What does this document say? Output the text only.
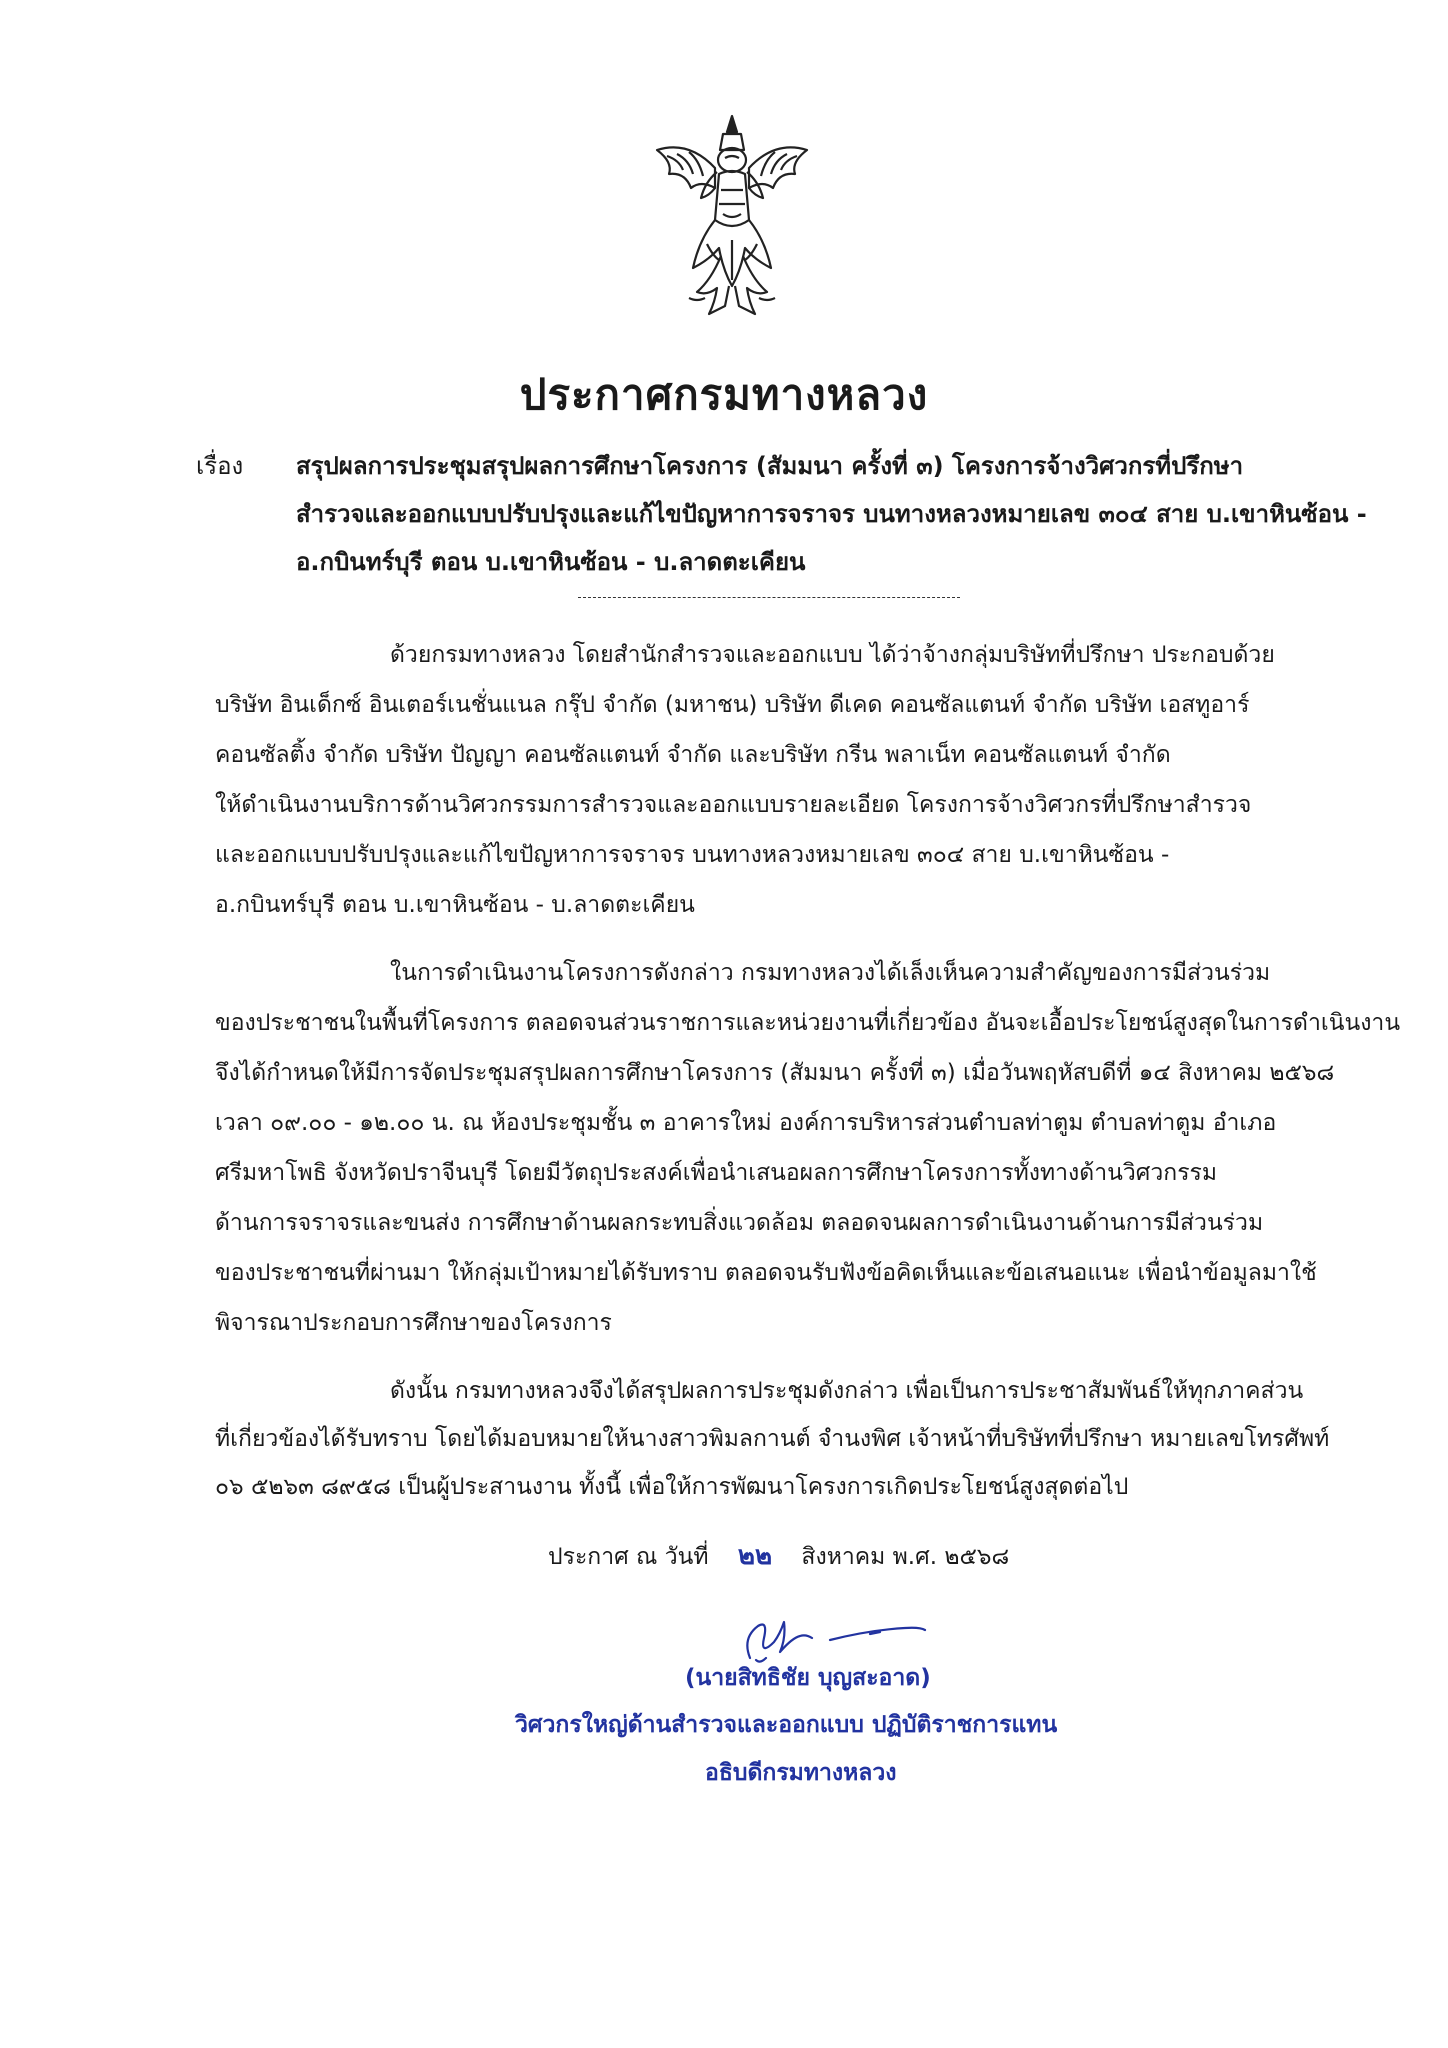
ประกาศกรมทางหลวง
เรื่อง สรุปผลการประชุมสรุปผลการศึกษาโครงการ (สัมมนา ครั้งที่ ๓) โครงการจ้างวิศวกรที่ปรึกษา
สำรวจและออกแบบปรับปรุงและแก้ไขปัญหาการจราจร บนทางหลวงหมายเลข ๓๐๔ สาย บ.เขาหินซ้อน -
อ.กบินทร์บุรี ตอน บ.เขาหินซ้อน - บ.ลาดตะเคียน
ด้วยกรมทางหลวง โดยสำนักสำรวจและออกแบบ ได้ว่าจ้างกลุ่มบริษัทที่ปรึกษา ประกอบด้วย
บริษัท อินเด็กซ์ อินเตอร์เนชั่นแนล กรุ๊ป จำกัด (มหาชน) บริษัท ดีเคด คอนซัลแตนท์ จำกัด บริษัท เอสทูอาร์
คอนซัลติ้ง จำกัด บริษัท ปัญญา คอนซัลแตนท์ จำกัด และบริษัท กรีน พลาเน็ท คอนซัลแตนท์ จำกัด
ให้ดำเนินงานบริการด้านวิศวกรรมการสำรวจและออกแบบรายละเอียด โครงการจ้างวิศวกรที่ปรึกษาสำรวจ
และออกแบบปรับปรุงและแก้ไขปัญหาการจราจร บนทางหลวงหมายเลข ๓๐๔ สาย บ.เขาหินซ้อน -
อ.กบินทร์บุรี ตอน บ.เขาหินซ้อน - บ.ลาดตะเคียน
ในการดำเนินงานโครงการดังกล่าว กรมทางหลวงได้เล็งเห็นความสำคัญของการมีส่วนร่วม
ของประชาชนในพื้นที่โครงการ ตลอดจนส่วนราชการและหน่วยงานที่เกี่ยวข้อง อันจะเอื้อประโยชน์สูงสุดในการดำเนินงาน
จึงได้กำหนดให้มีการจัดประชุมสรุปผลการศึกษาโครงการ (สัมมนา ครั้งที่ ๓) เมื่อวันพฤหัสบดีที่ ๑๔ สิงหาคม ๒๕๖๘
เวลา ๐๙.๐๐ - ๑๒.๐๐ น. ณ ห้องประชุมชั้น ๓ อาคารใหม่ องค์การบริหารส่วนตำบลท่าตูม ตำบลท่าตูม อำเภอ
ศรีมหาโพธิ จังหวัดปราจีนบุรี โดยมีวัตถุประสงค์เพื่อนำเสนอผลการศึกษาโครงการทั้งทางด้านวิศวกรรม
ด้านการจราจรและขนส่ง การศึกษาด้านผลกระทบสิ่งแวดล้อม ตลอดจนผลการดำเนินงานด้านการมีส่วนร่วม
ของประชาชนที่ผ่านมา ให้กลุ่มเป้าหมายได้รับทราบ ตลอดจนรับฟังข้อคิดเห็นและข้อเสนอแนะ เพื่อนำข้อมูลมาใช้
พิจารณาประกอบการศึกษาของโครงการ
ดังนั้น กรมทางหลวงจึงได้สรุปผลการประชุมดังกล่าว เพื่อเป็นการประชาสัมพันธ์ให้ทุกภาคส่วน
ที่เกี่ยวข้องได้รับทราบ โดยได้มอบหมายให้นางสาวพิมลกานต์ จำนงพิศ เจ้าหน้าที่บริษัทที่ปรึกษา หมายเลขโทรศัพท์
๐๖ ๕๒๖๓ ๘๙๕๘ เป็นผู้ประสานงาน ทั้งนี้ เพื่อให้การพัฒนาโครงการเกิดประโยชน์สูงสุดต่อไป
ประกาศ ณ วันที่ ๒๒ สิงหาคม พ.ศ. ๒๕๖๘
(นายสิทธิชัย บุญสะอาด)
วิศวกรใหญ่ด้านสำรวจและออกแบบ ปฏิบัติราชการแทน
อธิบดีกรมทางหลวง
